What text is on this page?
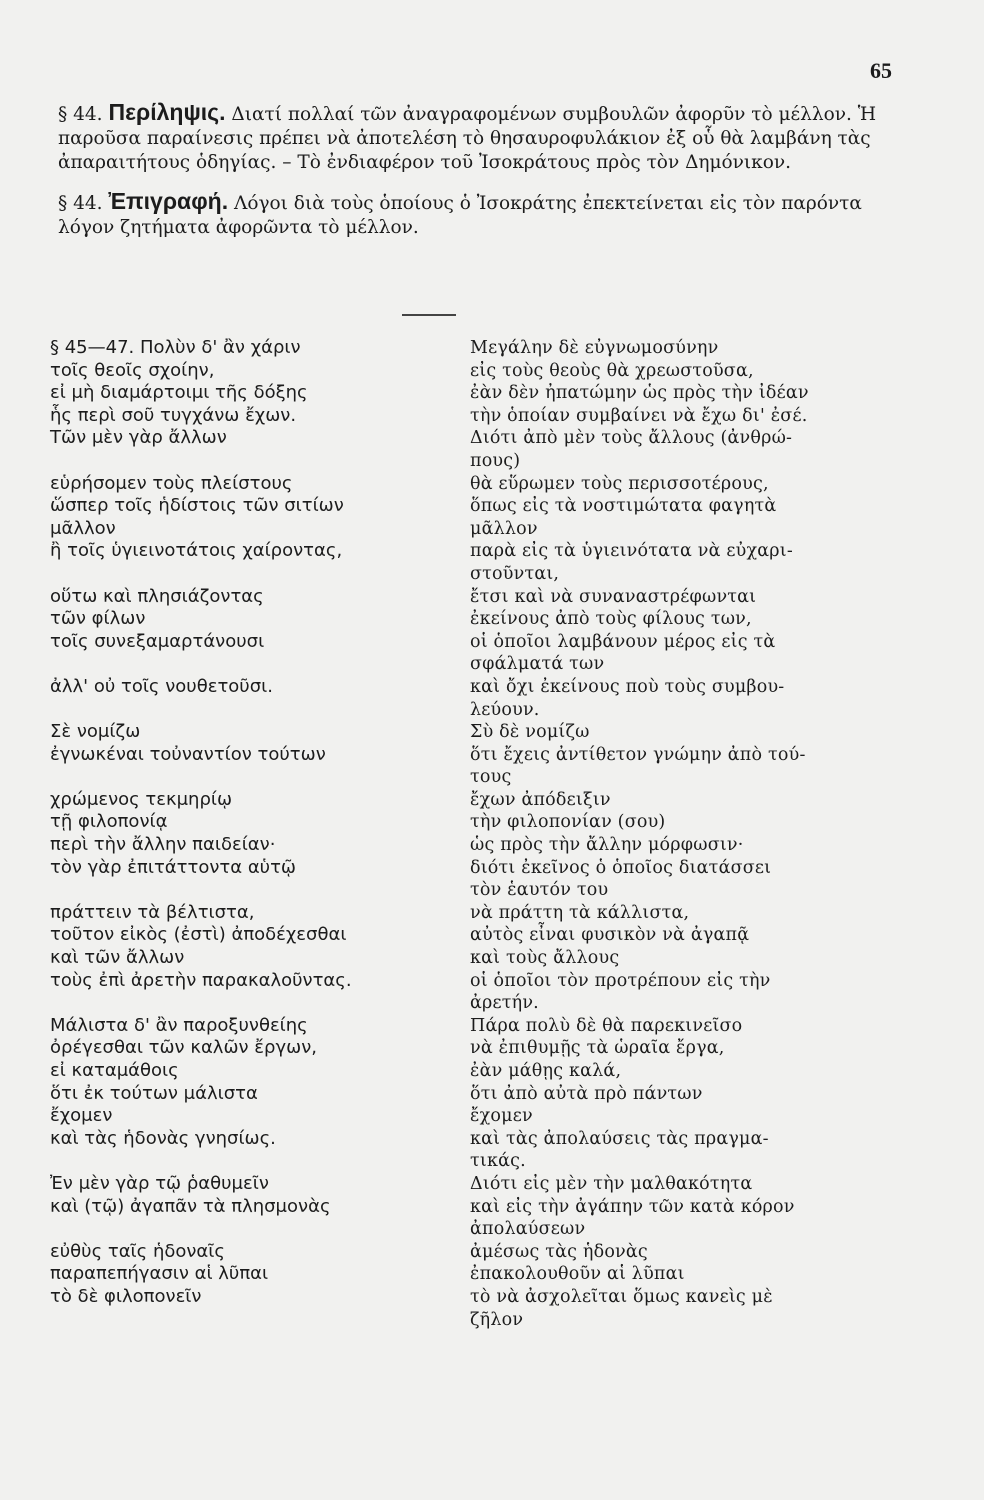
65

§ 44. Περίληψις. Διατί πολλαί τῶν ἀναγραφομένων συμβουλῶν ἀφορῦν τὸ μέλλον. Ἡ παροῦσα παραίνεσις πρέπει νὰ ἀποτελέση τὸ θησαυροφυλάκιον ἐξ οὗ θὰ λαμβάνη τὰς ἀπαραιτήτους ὁδηγίας. – Τὸ ἐνδιαφέρον τοῦ Ἰσοκράτους πρὸς τὸν Δημόνικον.

§ 44. Ἐπιγραφή. Λόγοι διὰ τοὺς ὁποίους ὁ Ἰσοκράτης ἐπεκτείνεται εἰς τὸν παρόντα λόγον ζητήματα ἀφορῶντα τὸ μέλλον.

§ 45—47. Πολὺν δ' ἂν χάριν
τοῖς θεοῖς σχοίην,
εἰ μὴ διαμάρτοιμι τῆς δόξης
ἧς περὶ σοῦ τυγχάνω ἔχων.
Τῶν μὲν γὰρ ἄλλων
εὑρήσομεν τοὺς πλείστους
ὥσπερ τοῖς ἡδίστοις τῶν σιτίων
μᾶλλον
ἢ τοῖς ὑγιεινοτάτοις χαίροντας,
οὕτω καὶ πλησιάζοντας
τῶν φίλων
τοῖς συνεξαμαρτάνουσι
ἀλλ' οὐ τοῖς νουθετοῦσι.
Σὲ νομίζω
ἐγνωκέναι τοὐναντίον τούτων
χρώμενος τεκμηρίῳ
τῇ φιλοπονίᾳ
περὶ τὴν ἄλλην παιδείαν·
τὸν γὰρ ἐπιτάττοντα αὑτῷ
πράττειν τὰ βέλτιστα,
τοῦτον εἰκὸς (ἐστὶ) ἀποδέχεσθαι
καὶ τῶν ἄλλων
τοὺς ἐπὶ ἀρετὴν παρακαλοῦντας.
Μάλιστα δ' ἂν παροξυνθείης
ὀρέγεσθαι τῶν καλῶν ἔργων,
εἰ καταμάθοις
ὅτι ἐκ τούτων μάλιστα
ἔχομεν
καὶ τὰς ἡδονὰς γνησίως.
Ἐν μὲν γὰρ τῷ ῥαθυμεῖν
καὶ (τῷ) ἀγαπᾶν τὰ πλησμονὰς
εὐθὺς ταῖς ἡδοναῖς
παραπεπήγασιν αἱ λῦπαι
τὸ δὲ φιλοπονεῖν
Μεγάλην δὲ εὐγνωμοσύνην
εἰς τοὺς θεοὺς θὰ χρεωστοῦσα,
ἐὰν δὲν ἠπατώμην ὡς πρὸς τὴν ἰδέαν
τὴν ὁποίαν συμβαίνει νὰ ἔχω δι' ἐσέ.
Διότι ἀπὸ μὲν τοὺς ἄλλους (ἀνθρώ-
πους)
θὰ εὕρωμεν τοὺς περισσοτέρους,
ὅπως εἰς τὰ νοστιμώτατα φαγητὰ
μᾶλλον
παρὰ εἰς τὰ ὑγιεινότατα νὰ εὐχαρι-
στοῦνται,
ἔτσι καὶ νὰ συναναστρέφωνται
ἐκείνους ἀπὸ τοὺς φίλους των,
οἱ ὁποῖοι λαμβάνουν μέρος εἰς τὰ
σφάλματά των
καὶ ὄχι ἐκείνους ποὺ τοὺς συμβου-
λεύουν.
Σὺ δὲ νομίζω
ὅτι ἔχεις ἀντίθετον γνώμην ἀπὸ τού-
τους
ἔχων ἀπόδειξιν
τὴν φιλοπονίαν (σου)
ὡς πρὸς τὴν ἄλλην μόρφωσιν·
διότι ἐκεῖνος ὁ ὁποῖος διατάσσει
τὸν ἑαυτόν του
νὰ πράττη τὰ κάλλιστα,
αὐτὸς εἶναι φυσικὸν νὰ ἀγαπᾷ
καὶ τοὺς ἄλλους
οἱ ὁποῖοι τὸν προτρέπουν εἰς τὴν
ἀρετήν.
Πάρα πολὺ δὲ θὰ παρεκινεῖσο
νὰ ἐπιθυμῇς τὰ ὡραῖα ἔργα,
ἐὰν μάθῃς καλά,
ὅτι ἀπὸ αὐτὰ πρὸ πάντων
ἔχομεν
καὶ τὰς ἀπολαύσεις τὰς πραγμα-
τικάς.
Διότι εἰς μὲν τὴν μαλθακότητα
καὶ εἰς τὴν ἀγάπην τῶν κατὰ κόρον
ἀπολαύσεων
ἀμέσως τὰς ἡδονὰς
ἐπακολουθοῦν αἱ λῦπαι
τὸ νὰ ἀσχολεῖται ὅμως κανεὶς μὲ
ζῆλον
